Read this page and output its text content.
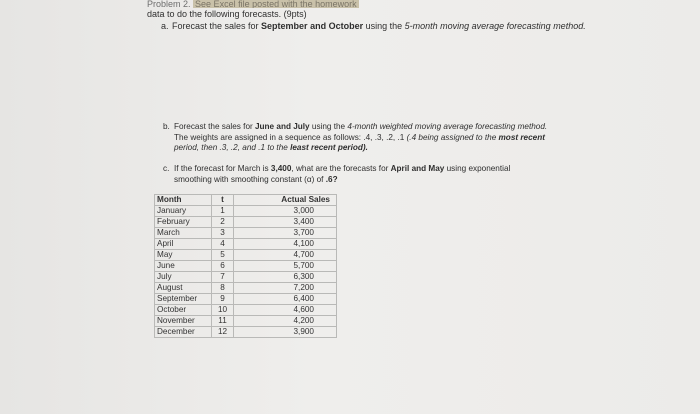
Problem 2. See Excel file posted with the homework
data to do the following forecasts. (9pts)
a. Forecast the sales for September and October using the 5-month moving average forecasting method.
b. Forecast the sales for June and July using the 4-month weighted moving average forecasting method.
The weights are assigned in a sequence as follows: .4, .3, .2, .1 (.4 being assigned to the most recent
period, then .3, .2, and .1 to the least recent period).
c. If the forecast for March is 3,400, what are the forecasts for April and May using exponential
smoothing with smoothing constant (α) of .6?
Month	t	Actual Sales
January	1	3,000
February	2	3,400
March	3	3,700
April	4	4,100
May	5	4,700
June	6	5,700
July	7	6,300
August	8	7,200
September	9	6,400
October	10	4,600
November	11	4,200
December	12	3,900
